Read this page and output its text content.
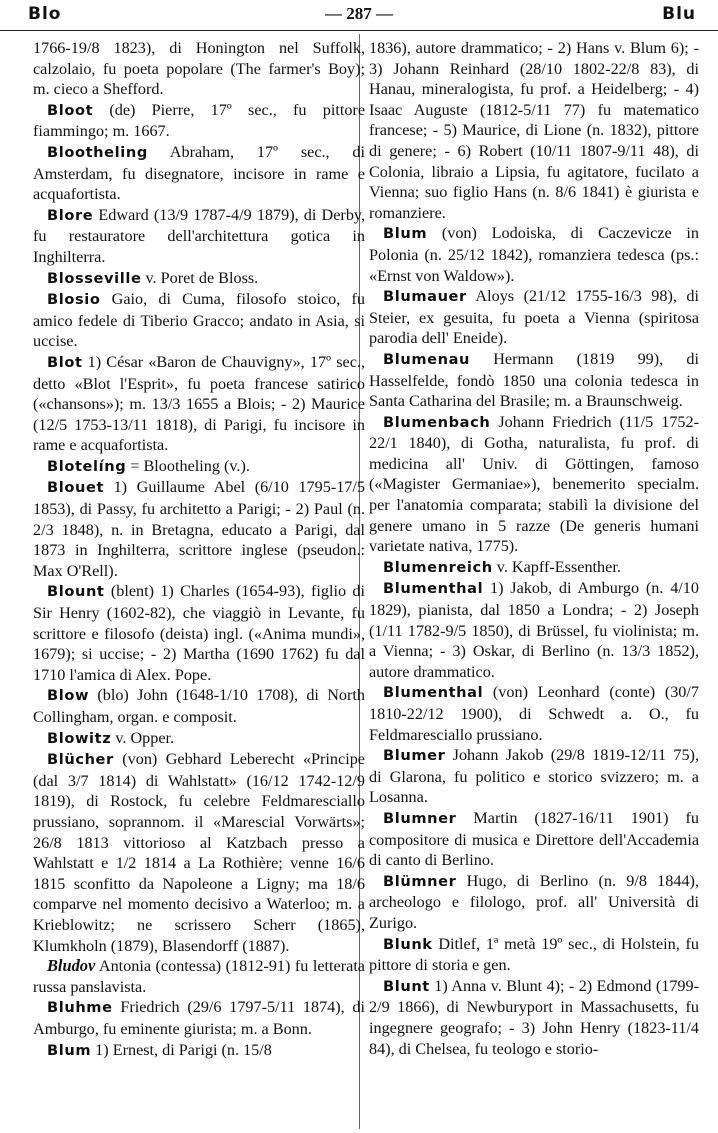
Blo	— 287 —	Blu

1766-19/8 1823), di Honington nel Suffolk, calzolaio, fu poeta popolare (The farmer's Boy); m. cieco a Shefford.

Bloot (de) Pierre, 17º sec., fu pittore fiammingo; m. 1667.

Blootheling Abraham, 17º sec., di Amsterdam, fu disegnatore, incisore in rame e acquafortista.

Blore Edward (13/9 1787-4/9 1879), di Derby, fu restauratore dell'architettura gotica in Inghilterra.

Blosseville v. Poret de Bloss.

Blosio Gaio, di Cuma, filosofo stoico, fu amico fedele di Tiberio Gracco; andato in Asia, si uccise.

Blot 1) César «Baron de Chauvigny», 17º sec., detto «Blot l'Esprit», fu poeta francese satirico («chansons»); m. 13/3 1655 a Blois; - 2) Maurice (12/5 1753-13/11 1818), di Parigi, fu incisore in rame e acquafortista.

Blotelíng = Blootheling (v.).

Blouet 1) Guillaume Abel (6/10 1795-17/5 1853), di Passy, fu architetto a Parigi; - 2) Paul (n. 2/3 1848), n. in Bretagna, educato a Parigi, dal 1873 in Inghilterra, scrittore inglese (pseudon.: Max O'Rell).

Blount (blent) 1) Charles (1654-93), figlio di Sir Henry (1602-82), che viaggiò in Levante, fu scrittore e filosofo (deista) ingl. («Anima mundi», 1679); si uccise; - 2) Martha (1690 1762) fu dal 1710 l'amica di Alex. Pope.

Blow (blo) John (1648-1/10 1708), di North Collingham, organ. e composit.

Blowitz v. Opper.

Blücher (von) Gebhard Leberecht «Principe (dal 3/7 1814) di Wahlstatt» (16/12 1742-12/9 1819), di Rostock, fu celebre Feldmaresciallo prussiano, soprannom. il «Marescial Vorwärts»; 26/8 1813 vittorioso al Katzbach presso a Wahlstatt e 1/2 1814 a La Rothière; venne 16/6 1815 sconfitto da Napoleone a Ligny; ma 18/6 comparve nel momento decisivo a Waterloo; m. a Krieblowitz; ne scrissero Scherr (1865), Klumkholn (1879), Blasendorff (1887).

Bludov Antonia (contessa) (1812-91) fu letterata russa panslavista.

Bluhme Friedrich (29/6 1797-5/11 1874), di Amburgo, fu eminente giurista; m. a Bonn.

Blum 1) Ernest, di Parigi (n. 15/8

1836), autore drammatico; - 2) Hans v. Blum 6); - 3) Johann Reinhard (28/10 1802-22/8 83), di Hanau, mineralogista, fu prof. a Heidelberg; - 4) Isaac Auguste (1812-5/11 77) fu matematico francese; - 5) Maurice, di Lione (n. 1832), pittore di genere; - 6) Robert (10/11 1807-9/11 48), di Colonia, libraio a Lipsia, fu agitatore, fucilato a Vienna; suo figlio Hans (n. 8/6 1841) è giurista e romanziere.

Blum (von) Lodoiska, di Caczevicze in Polonia (n. 25/12 1842), romanziera tedesca (ps.: «Ernst von Waldow»).

Blumauer Aloys (21/12 1755-16/3 98), di Steier, ex gesuita, fu poeta a Vienna (spiritosa parodia dell' Eneide).

Blumenau Hermann (1819 99), di Hasselfelde, fondò 1850 una colonia tedesca in Santa Catharina del Brasile; m. a Braunschweig.

Blumenbach Johann Friedrich (11/5 1752-22/1 1840), di Gotha, naturalista, fu prof. di medicina all' Univ. di Göttingen, famoso («Magister Germaniae»), benemerito specialm. per l'anatomia comparata; stabilì la divisione del genere umano in 5 razze (De generis humani varietate nativa, 1775).

Blumenreich v. Kapff-Essenther.

Blumenthal 1) Jakob, di Amburgo (n. 4/10 1829), pianista, dal 1850 a Londra; - 2) Joseph (1/11 1782-9/5 1850), di Brüssel, fu violinista; m. a Vienna; - 3) Oskar, di Berlino (n. 13/3 1852), autore drammatico.

Blumenthal (von) Leonhard (conte) (30/7 1810-22/12 1900), di Schwedt a. O., fu Feldmaresciallo prussiano.

Blumer Johann Jakob (29/8 1819-12/11 75), di Glarona, fu politico e storico svizzero; m. a Losanna.

Blumner Martin (1827-16/11 1901) fu compositore di musica e Direttore dell'Accademia di canto di Berlino.

Blümner Hugo, di Berlino (n. 9/8 1844), archeologo e filologo, prof. all' Università di Zurigo.

Blunk Ditlef, 1ª metà 19º sec., di Holstein, fu pittore di storia e gen.

Blunt 1) Anna v. Blunt 4); - 2) Edmond (1799-2/9 1866), di Newburyport in Massachusetts, fu ingegnere geografo; - 3) John Henry (1823-11/4 84), di Chelsea, fu teologo e storio-
